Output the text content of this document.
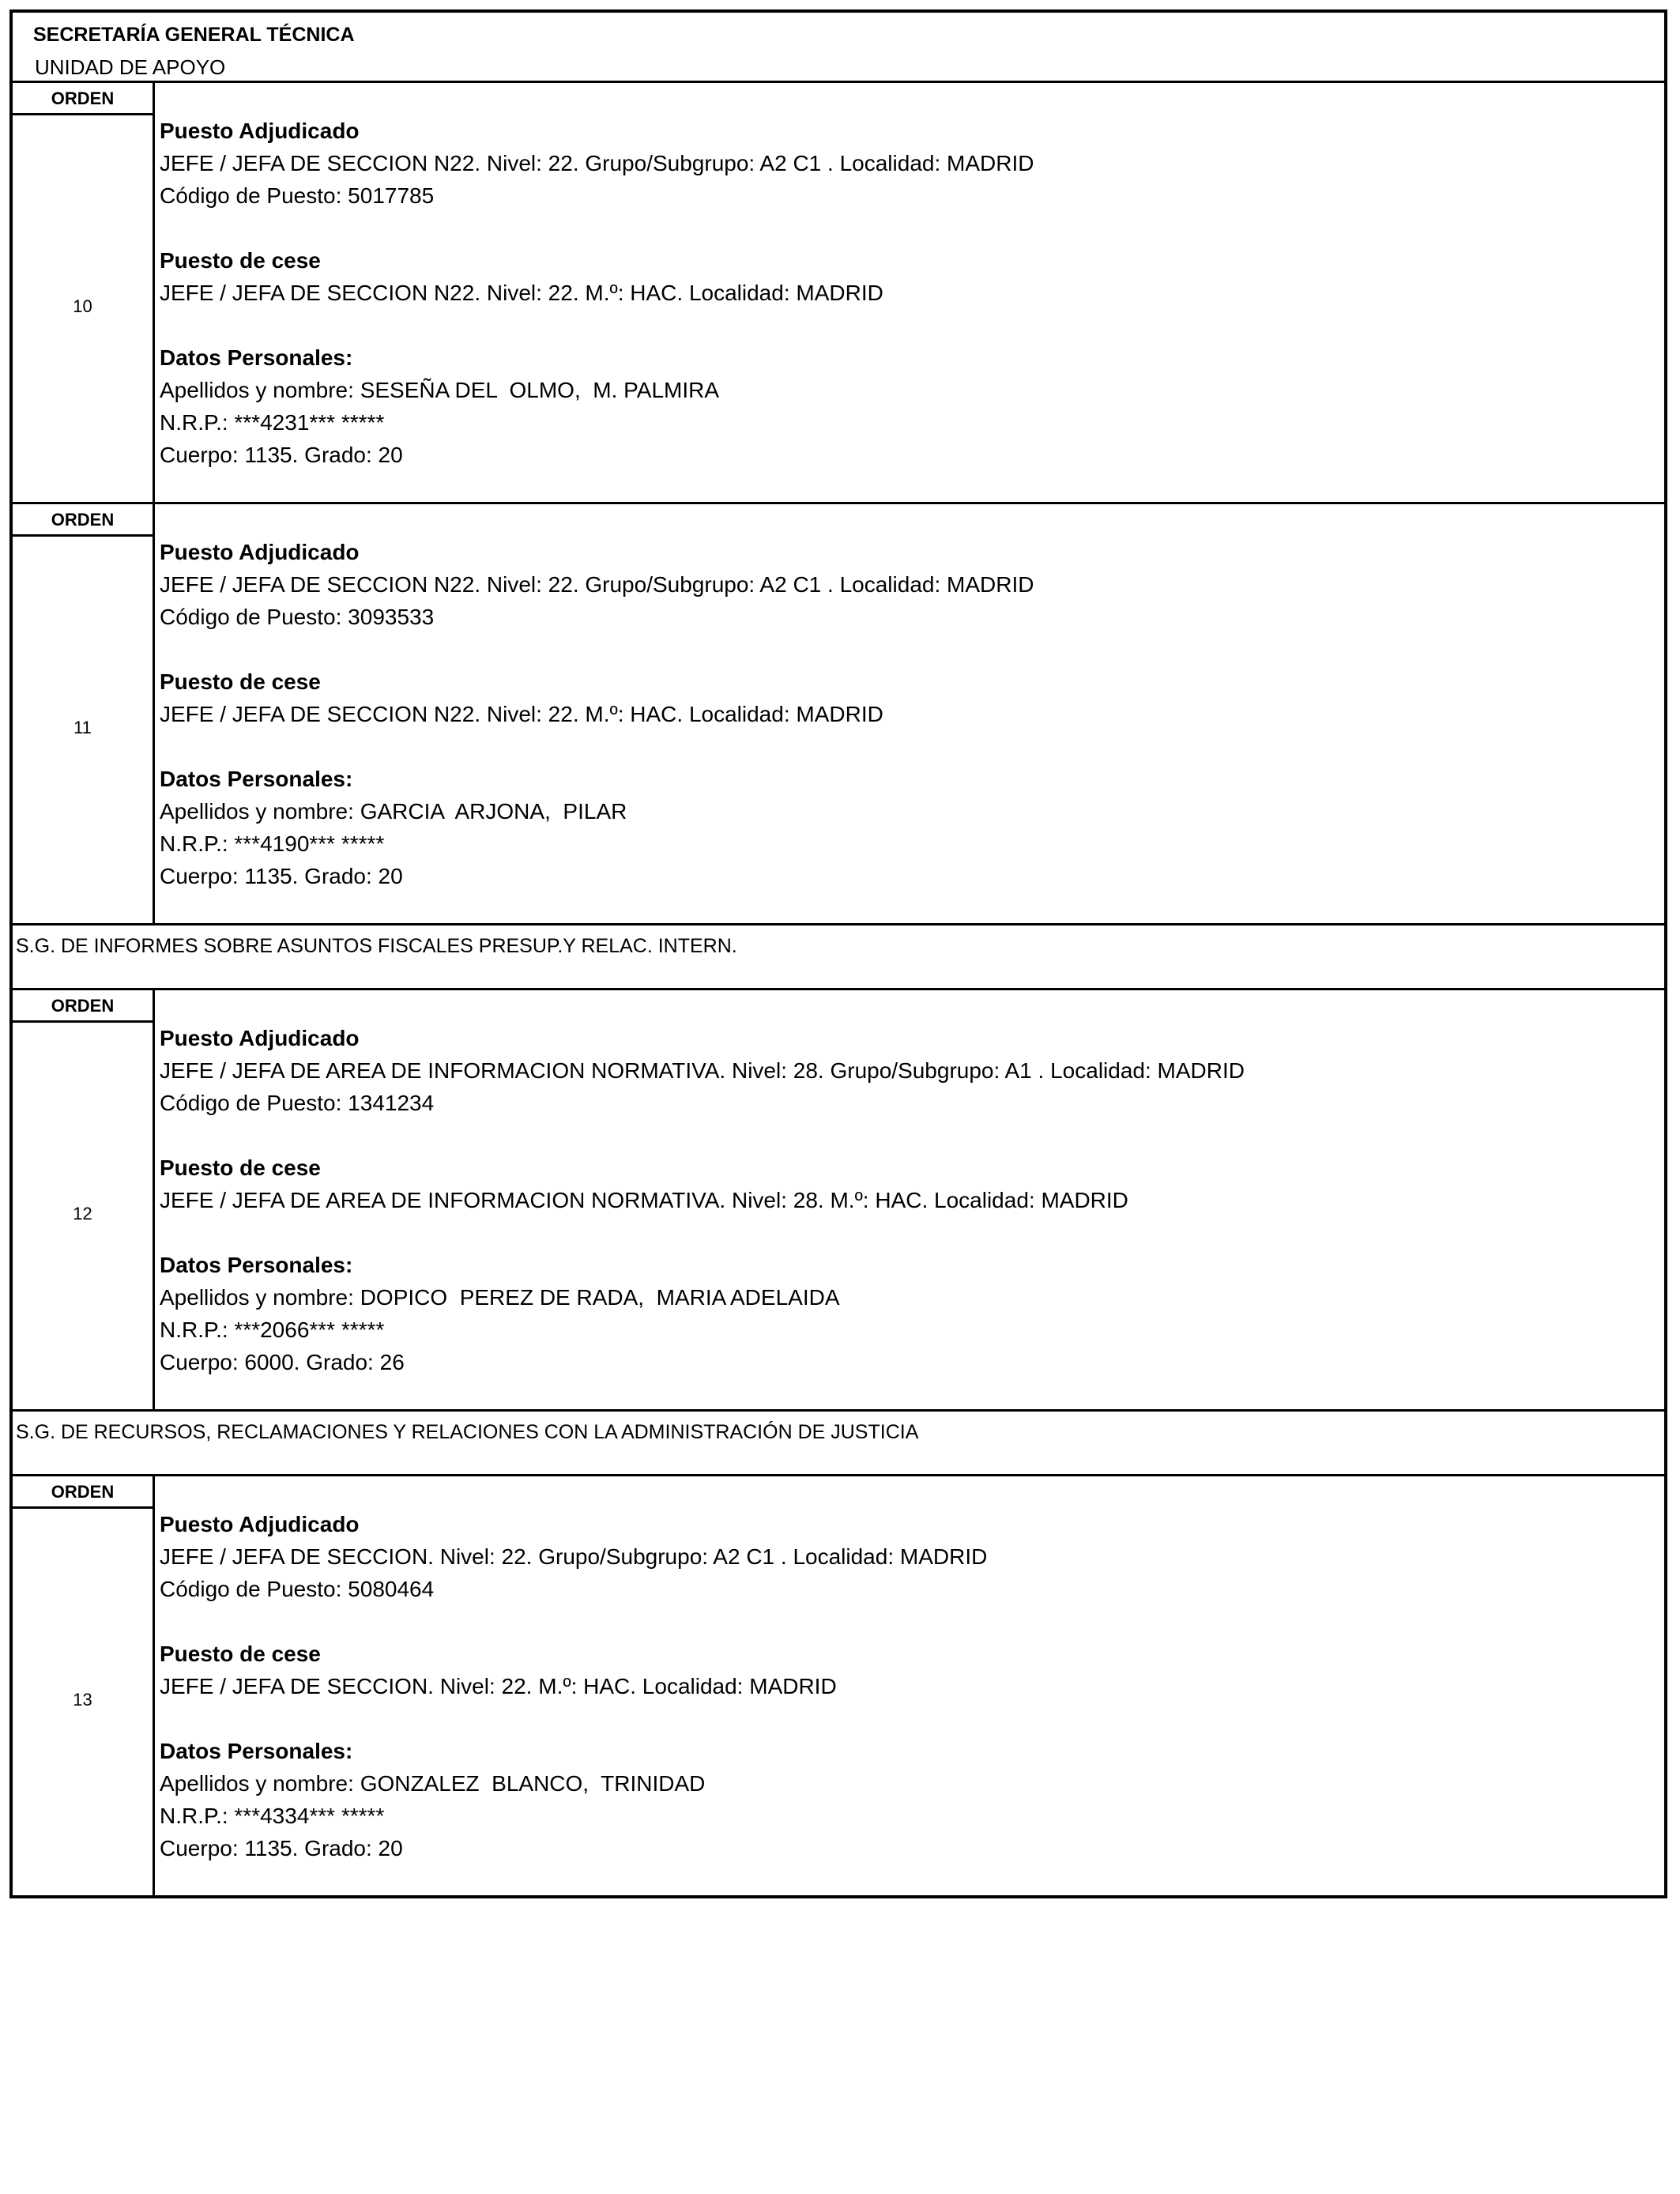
SECRETARÍA GENERAL TÉCNICA
UNIDAD DE APOYO
ORDEN
10
Puesto Adjudicado
JEFE / JEFA DE SECCION N22. Nivel: 22. Grupo/Subgrupo: A2 C1 . Localidad: MADRID
Código de Puesto: 5017785
Puesto de cese
JEFE / JEFA DE SECCION N22. Nivel: 22. M.º: HAC. Localidad: MADRID
Datos Personales:
Apellidos y nombre: SESEÑA DEL  OLMO,  M. PALMIRA
N.R.P.: ***4231*** *****
Cuerpo: 1135. Grado: 20
ORDEN
11
Puesto Adjudicado
JEFE / JEFA DE SECCION N22. Nivel: 22. Grupo/Subgrupo: A2 C1 . Localidad: MADRID
Código de Puesto: 3093533
Puesto de cese
JEFE / JEFA DE SECCION N22. Nivel: 22. M.º: HAC. Localidad: MADRID
Datos Personales:
Apellidos y nombre: GARCIA  ARJONA,  PILAR
N.R.P.: ***4190*** *****
Cuerpo: 1135. Grado: 20
S.G. DE INFORMES SOBRE ASUNTOS FISCALES PRESUP.Y RELAC. INTERN.
ORDEN
12
Puesto Adjudicado
JEFE / JEFA DE AREA DE INFORMACION NORMATIVA. Nivel: 28. Grupo/Subgrupo: A1 . Localidad: MADRID
Código de Puesto: 1341234
Puesto de cese
JEFE / JEFA DE AREA DE INFORMACION NORMATIVA. Nivel: 28. M.º: HAC. Localidad: MADRID
Datos Personales:
Apellidos y nombre: DOPICO  PEREZ DE RADA,  MARIA ADELAIDA
N.R.P.: ***2066*** *****
Cuerpo: 6000. Grado: 26
S.G. DE RECURSOS, RECLAMACIONES Y RELACIONES CON LA ADMINISTRACIÓN DE JUSTICIA
ORDEN
13
Puesto Adjudicado
JEFE / JEFA DE SECCION. Nivel: 22. Grupo/Subgrupo: A2 C1 . Localidad: MADRID
Código de Puesto: 5080464
Puesto de cese
JEFE / JEFA DE SECCION. Nivel: 22. M.º: HAC. Localidad: MADRID
Datos Personales:
Apellidos y nombre: GONZALEZ  BLANCO,  TRINIDAD
N.R.P.: ***4334*** *****
Cuerpo: 1135. Grado: 20
